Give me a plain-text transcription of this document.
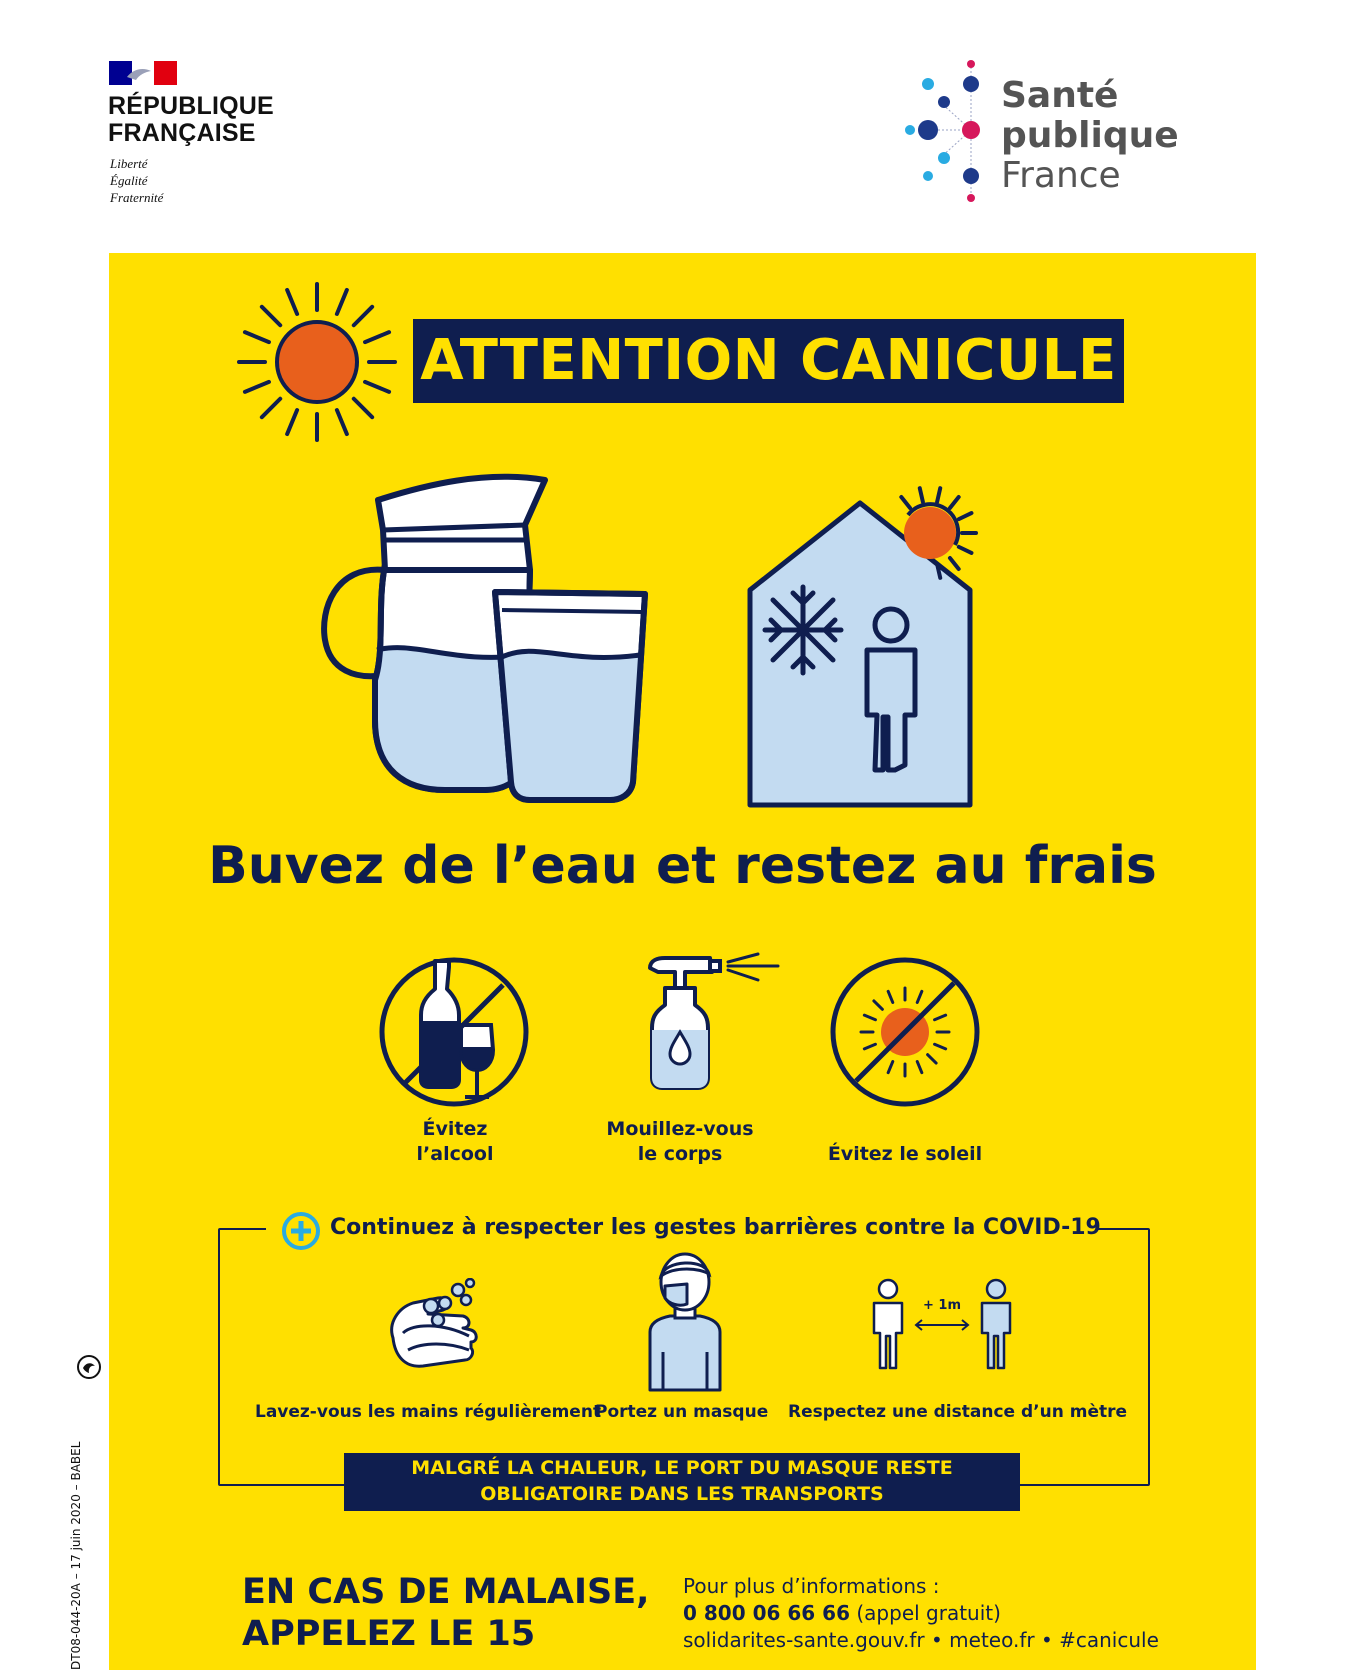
RÉPUBLIQUE
FRANÇAISE
Liberté
Égalité
Fraternité
Santé
publique
France
ATTENTION CANICULE
Buvez de l’eau et restez au frais
Évitez
l’alcool
Mouillez-vous
le corps	Évitez le soleil
Continuez à respecter les gestes barrières contre la COVID-19
+ 1m
Lavez-vous les mains régulièrement
Portez un masque Respectez une distance d’un mètre
MALGRÉ LA CHALEUR, LE PORT DU MASQUE RESTE
OBLIGATOIRE DANS LES TRANSPORTS
EN CAS DE MALAISE,
APPELEZ LE 15
Pour plus d’informations :
0 800 06 66 66 (appel gratuit)
solidarites-sante.gouv.fr • meteo.fr • #canicule
DT08-044-20A – 17 juin 2020 – BABEL
